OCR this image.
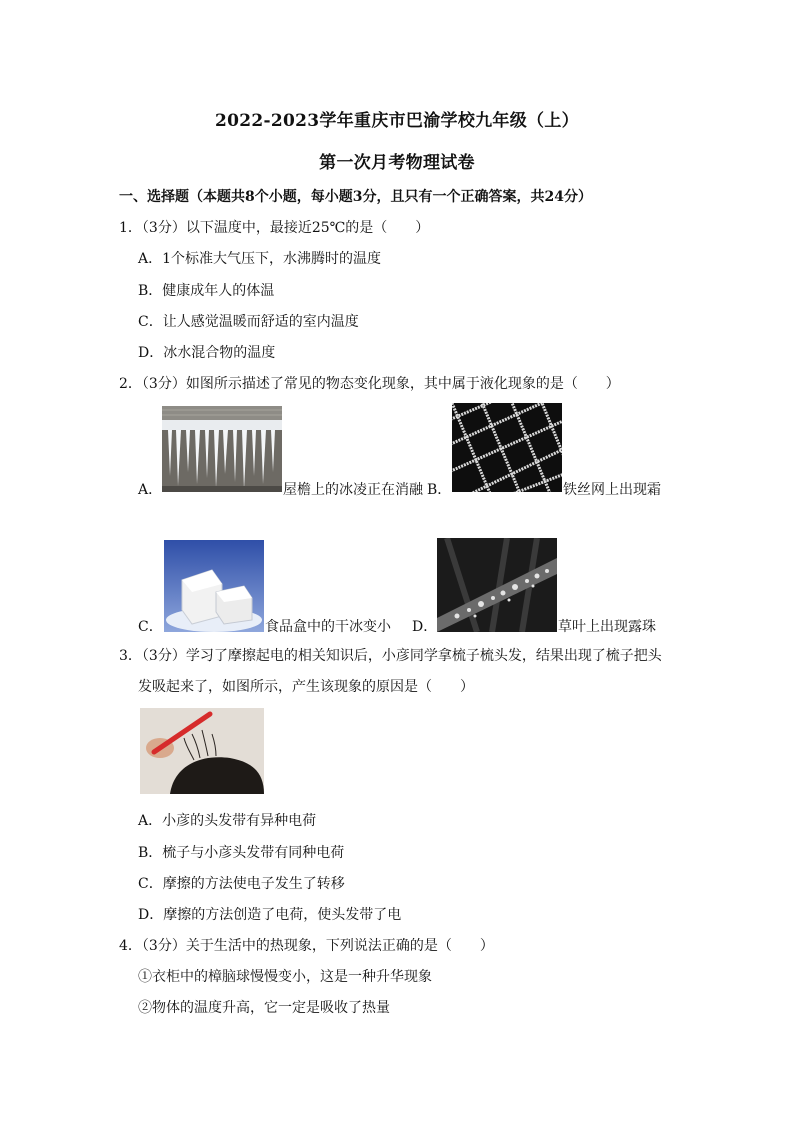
2022-2023学年重庆市巴渝学校九年级（上）
第一次月考物理试卷
一、选择题（本题共8个小题，每小题3分，且只有一个正确答案，共24分）
1．（3分）以下温度中，最接近25℃的是（　　）
A．1个标准大气压下，水沸腾时的温度
B．健康成年人的体温
C．让人感觉温暖而舒适的室内温度
D．冰水混合物的温度
2．（3分）如图所示描述了常见的物态变化现象，其中属于液化现象的是（　　）
A．	屋檐上的冰凌正在消融 B．	铁丝网上出现霜
C．	食品盒中的干冰变小 D．	草叶上出现露珠
3．（3分）学习了摩擦起电的相关知识后，小彦同学拿梳子梳头发，结果出现了梳子把头
发吸起来了，如图所示，产生该现象的原因是（　　）
A．小彦的头发带有异种电荷
B．梳子与小彦头发带有同种电荷
C．摩擦的方法使电子发生了转移
D．摩擦的方法创造了电荷，使头发带了电
4．（3分）关于生活中的热现象，下列说法正确的是（　　）
①衣柜中的樟脑球慢慢变小，这是一种升华现象
②物体的温度升高，它一定是吸收了热量
